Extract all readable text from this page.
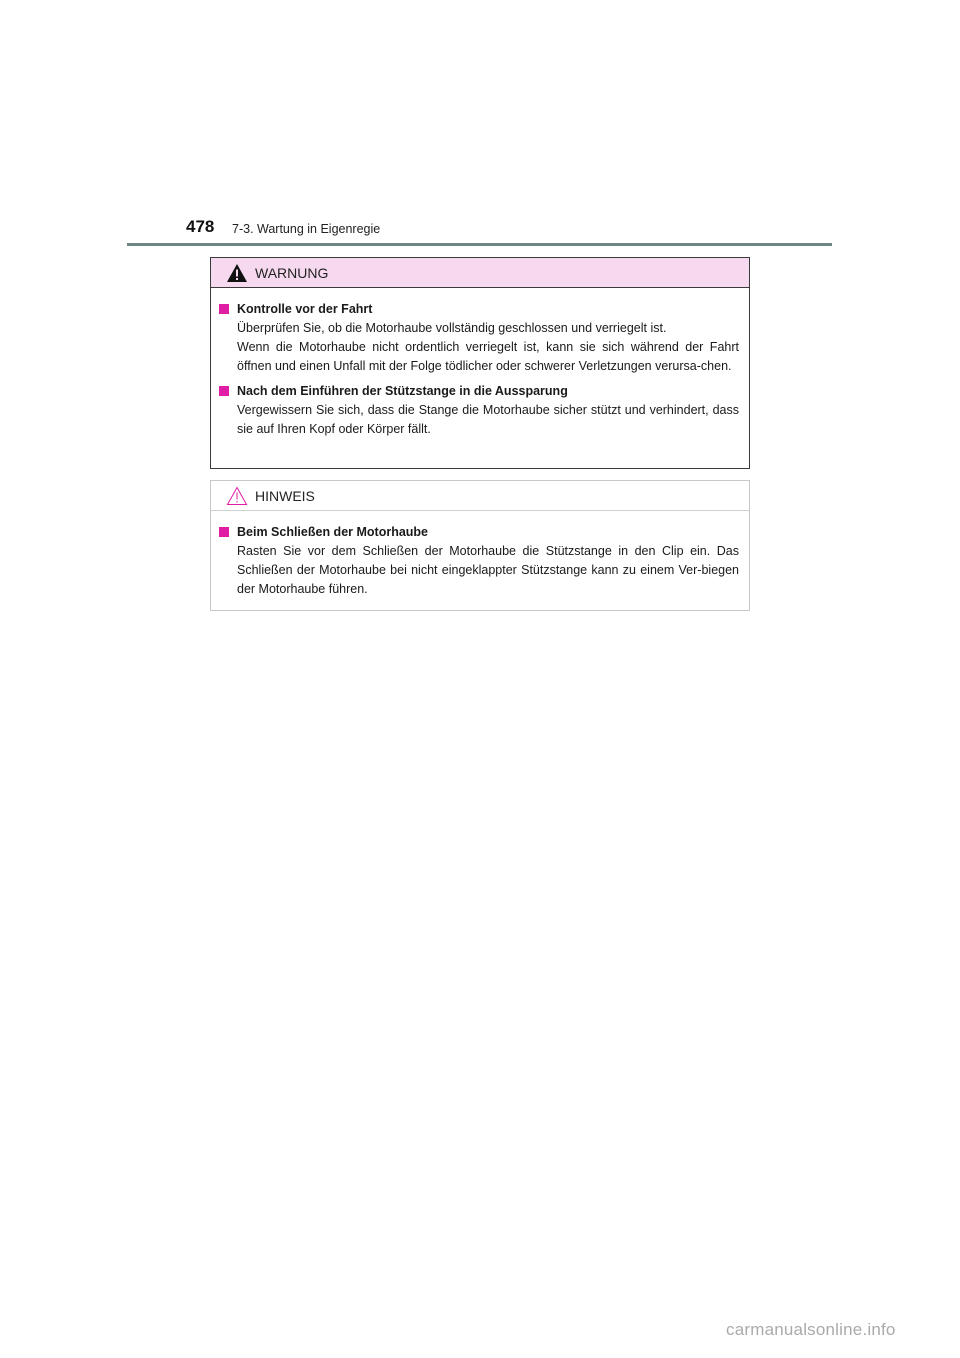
478 7-3. Wartung in Eigenregie
WARNUNG
Kontrolle vor der Fahrt

Überprüfen Sie, ob die Motorhaube vollständig geschlossen und verriegelt ist.

Wenn die Motorhaube nicht ordentlich verriegelt ist, kann sie sich während der Fahrt öffnen und einen Unfall mit der Folge tödlicher oder schwerer Verletzungen verursa-chen.

Nach dem Einführen der Stützstange in die Aussparung

Vergewissern Sie sich, dass die Stange die Motorhaube sicher stützt und verhindert, dass sie auf Ihren Kopf oder Körper fällt.

HINWEIS
Beim Schließen der Motorhaube

Rasten Sie vor dem Schließen der Motorhaube die Stützstange in den Clip ein. Das Schließen der Motorhaube bei nicht eingeklappter Stützstange kann zu einem Ver-biegen der Motorhaube führen.

carmanualsonline.info
